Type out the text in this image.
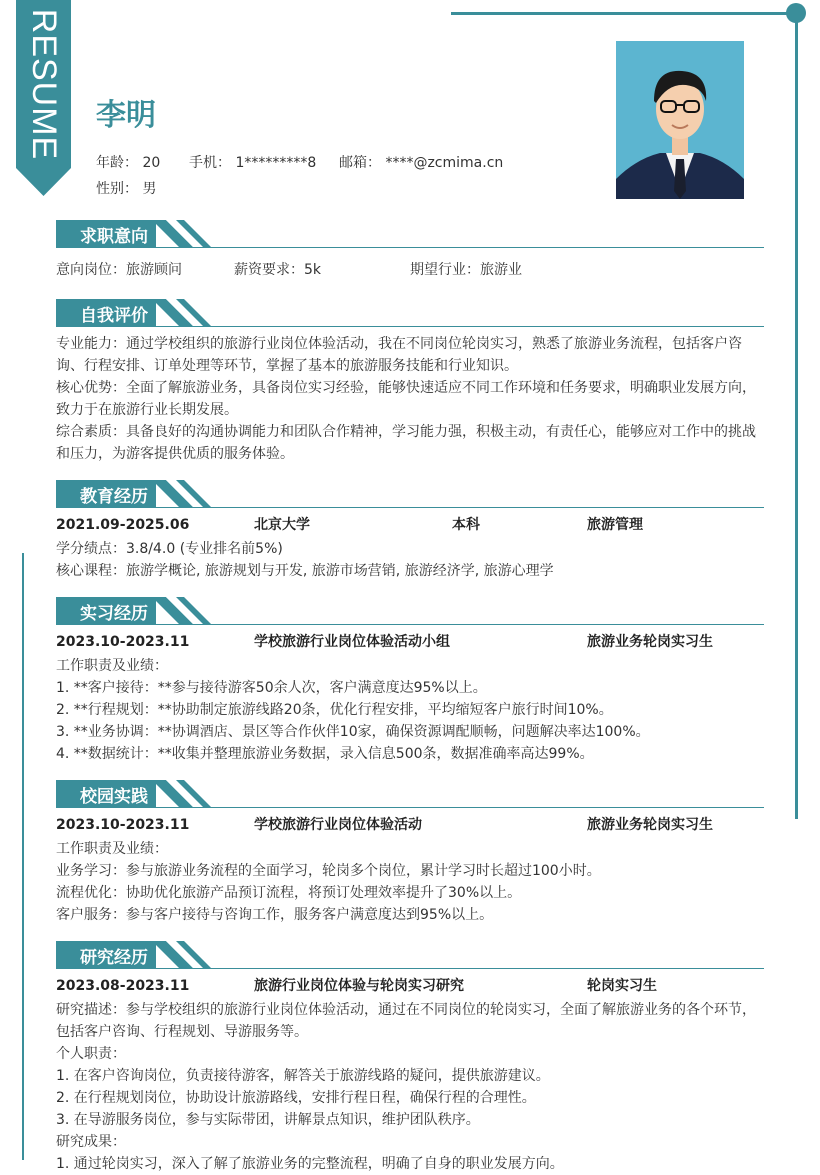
RESUME 李明
年龄： 20 手机： 1*********8 邮箱： ****@zcmima.cn
性别： 男
求职意向
意向岗位：旅游顾问	薪资要求：5k	期望行业：旅游业
自我评价
专业能力：通过学校组织的旅游行业岗位体验活动，我在不同岗位轮岗实习，熟悉了旅游业务流程，包括客户咨询、行程安排、订单处理等环节，掌握了基本的旅游服务技能和行业知识。
核心优势：全面了解旅游业务，具备岗位实习经验，能够快速适应不同工作环境和任务要求，明确职业发展方向，致力于在旅游行业长期发展。
综合素质：具备良好的沟通协调能力和团队合作精神，学习能力强，积极主动，有责任心，能够应对工作中的挑战和压力，为游客提供优质的服务体验。
教育经历
2021.09-2025.06	北京大学	本科	旅游管理
学分绩点：3.8/4.0 (专业排名前5%)
核心课程：旅游学概论, 旅游规划与开发, 旅游市场营销, 旅游经济学, 旅游心理学
实习经历
2023.10-2023.11	学校旅游行业岗位体验活动小组	旅游业务轮岗实习生
工作职责及业绩：
1. **客户接待：**参与接待游客50余人次，客户满意度达95%以上。
2. **行程规划：**协助制定旅游线路20条，优化行程安排，平均缩短客户旅行时间10%。
3. **业务协调：**协调酒店、景区等合作伙伴10家，确保资源调配顺畅，问题解决率达100%。
4. **数据统计：**收集并整理旅游业务数据，录入信息500条，数据准确率高达99%。
校园实践
2023.10-2023.11	学校旅游行业岗位体验活动	旅游业务轮岗实习生
工作职责及业绩：
业务学习：参与旅游业务流程的全面学习，轮岗多个岗位，累计学习时长超过100小时。
流程优化：协助优化旅游产品预订流程，将预订处理效率提升了30%以上。
客户服务：参与客户接待与咨询工作，服务客户满意度达到95%以上。
研究经历
2023.08-2023.11	旅游行业岗位体验与轮岗实习研究	轮岗实习生
研究描述：参与学校组织的旅游行业岗位体验活动，通过在不同岗位的轮岗实习，全面了解旅游业务的各个环节，包括客户咨询、行程规划、导游服务等。
个人职责：
1. 在客户咨询岗位，负责接待游客，解答关于旅游线路的疑问，提供旅游建议。
2. 在行程规划岗位，协助设计旅游路线，安排行程日程，确保行程的合理性。
3. 在导游服务岗位，参与实际带团，讲解景点知识，维护团队秩序。
研究成果：
1. 通过轮岗实习，深入了解了旅游业务的完整流程，明确了自身的职业发展方向。
